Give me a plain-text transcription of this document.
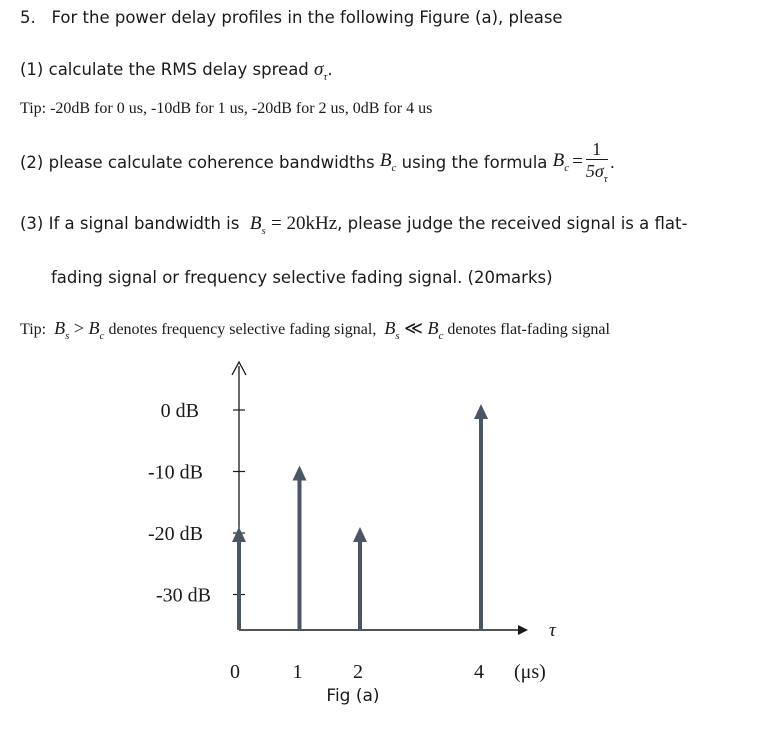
5. For the power delay profiles in the following Figure (a), please
(1) calculate the RMS delay spread $\sigma_\tau$.
Tip: -20dB for 0 us, -10dB for 1 us, -20dB for 2 us, 0dB for 4 us
(2) please calculate coherence bandwidths
$B_c$
using the formula
$B_c = \frac{1}{5\sigma_\tau}$ .
(3) If a signal bandwidth is $B_s = 20kHz$, please judge the received signal is a flat-
fading signal or frequency selective fading signal. (20marks)
Tip: $B_s > B_c$ denotes frequency selective fading signal, $B_s$ ≪ $B_c$ denotes flat-fading signal
0 dB
-10 dB
-20 dB
-30 dB
0	1	2	4
τ
(μs)
Fig (a)
